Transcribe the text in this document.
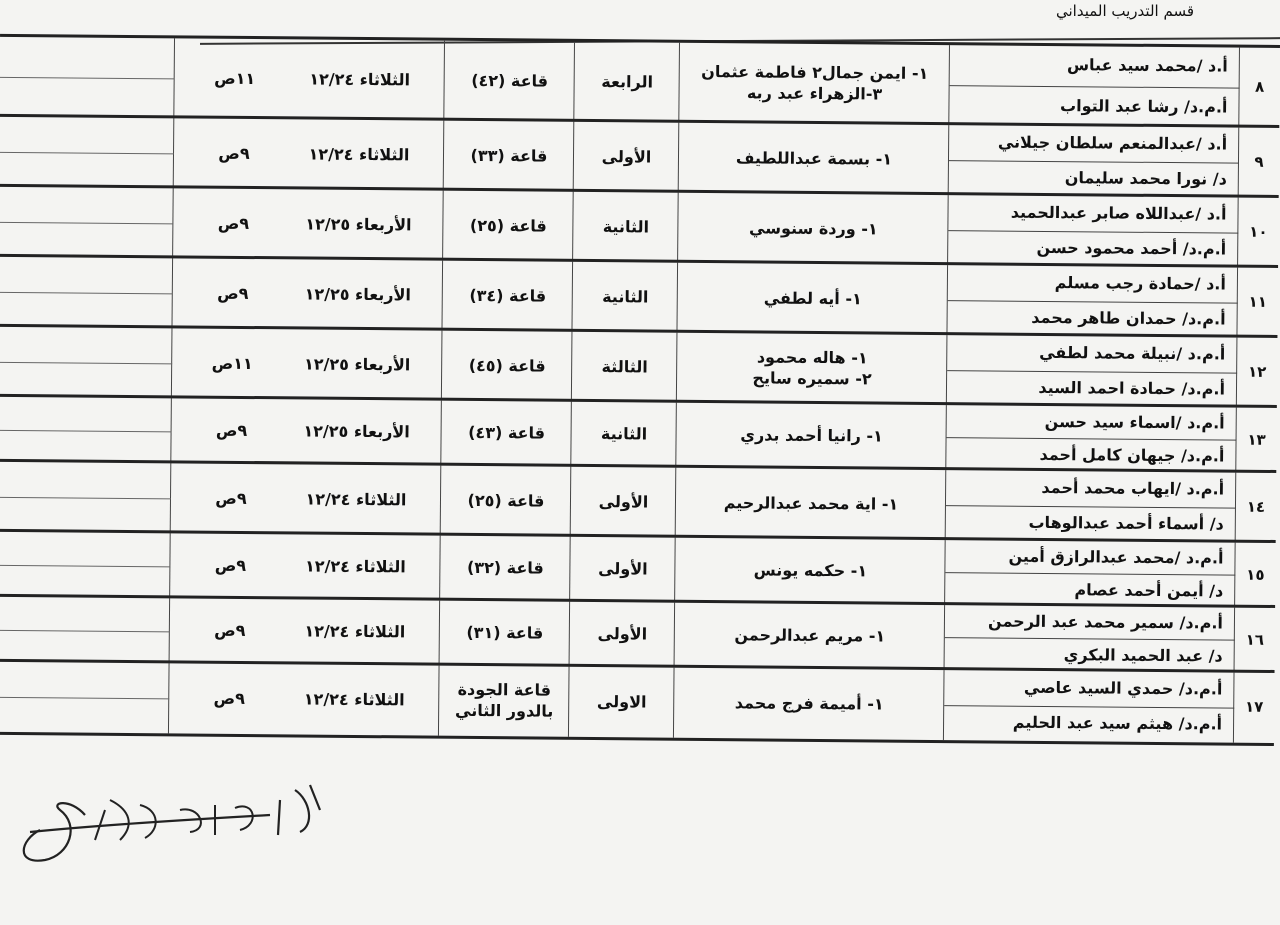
قسم التدريب الميداني
٨
أ.د /محمد سيد عباس
أ.م.د/ رشا عبد التواب
١- ايمن جمال٢ فاطمة عثمان
٣-الزهراء عبد ربه
الرابعة
قاعة (٤٢)
الثلاثاء ١٢/٢٤
١١ص
٩
أ.د /عبدالمنعم سلطان جيلاني
د/ نورا محمد سليمان
١- بسمة عبداللطيف
الأولى
قاعة (٣٣)
الثلاثاء ١٢/٢٤
٩ص
١٠
أ.د /عبداللاه صابر عبدالحميد
أ.م.د/ أحمد محمود حسن
١- وردة سنوسي
الثانية
قاعة (٢٥)
الأربعاء ١٢/٢٥
٩ص
١١
أ.د /حمادة رجب مسلم
أ.م.د/ حمدان طاهر محمد
١- أيه لطفي
الثانية
قاعة (٣٤)
الأربعاء ١٢/٢٥
٩ص
١٢
أ.م.د /نبيلة محمد لطفي
أ.م.د/ حمادة احمد السيد
١- هاله محمود
٢- سميره سايح
الثالثة
قاعة (٤٥)
الأربعاء ١٢/٢٥
١١ص
١٣
أ.م.د /اسماء سيد حسن
أ.م.د/ جيهان كامل أحمد
١- رانيا أحمد بدري
الثانية
قاعة (٤٣)
الأربعاء ١٢/٢٥
٩ص
١٤
أ.م.د /ايهاب محمد أحمد
د/ أسماء أحمد عبدالوهاب
١- اية محمد عبدالرحيم
الأولى
قاعة (٢٥)
الثلاثاء ١٢/٢٤
٩ص
١٥
أ.م.د /محمد عبدالرازق أمين
د/ أيمن أحمد عصام
١- حكمه يونس
الأولى
قاعة (٣٢)
الثلاثاء ١٢/٢٤
٩ص
١٦
أ.م.د/ سمير محمد عبد الرحمن
د/ عبد الحميد البكري
١- مريم عبدالرحمن
الأولى
قاعة (٣١)
الثلاثاء ١٢/٢٤
٩ص
١٧
أ.م.د/ حمدي السيد عاصي
أ.م.د/ هيثم سيد عبد الحليم
١- أميمة فرج محمد
الاولى
قاعة الجودة
بالدور الثاني
الثلاثاء ١٢/٢٤
٩ص
